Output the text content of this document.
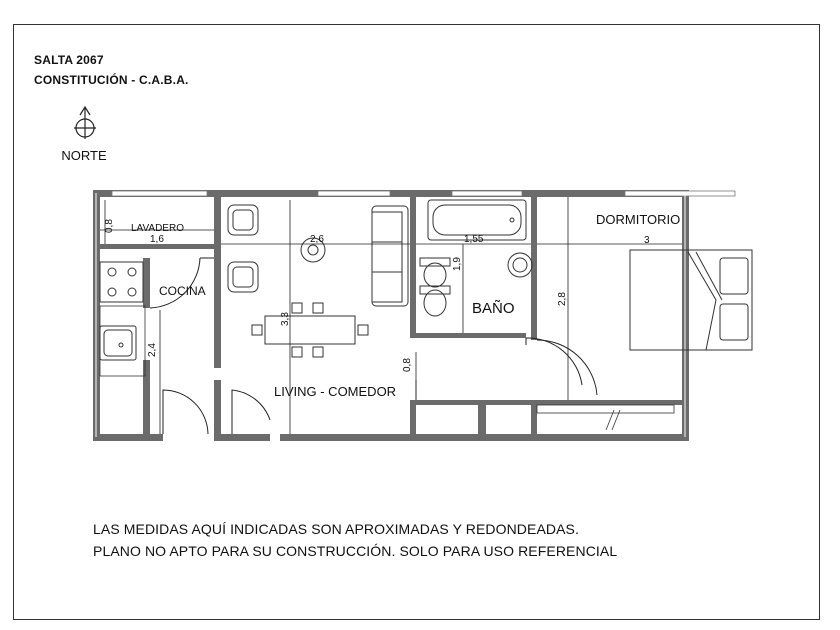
SALTA 2067
CONSTITUCIÓN - C.A.B.A.
NORTE
LAVADERO
COCINA
LIVING - COMEDOR
BAÑO
DORMITORIO
1,6
0,8
2,4
2,6
3,3
0,8
1,55
1,9
3
2,8
LAS MEDIDAS AQUÍ INDICADAS SON APROXIMADAS Y REDONDEADAS.
PLANO NO APTO PARA SU CONSTRUCCIÓN. SOLO PARA USO REFERENCIAL
